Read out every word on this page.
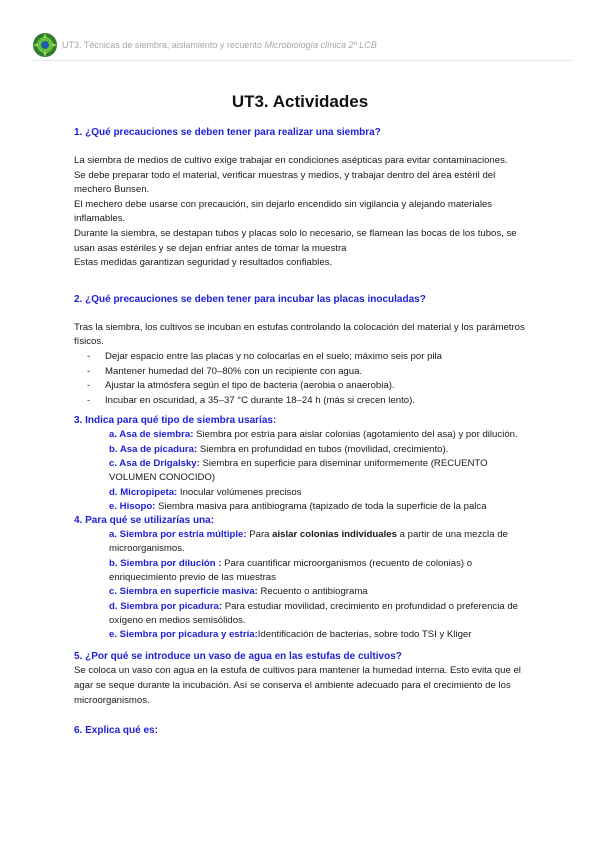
UT3. Técnicas de siembra, aislamiento y recuento Microbiología clínica 2º LCB
UT3. Actividades
1. ¿Qué precauciones se deben tener para realizar una siembra?
La siembra de medios de cultivo exige trabajar en condiciones asépticas para evitar contaminaciones.
Se debe preparar todo el material, verificar muestras y medios, y trabajar dentro del área estéril del mechero Bunsen.
El mechero debe usarse con precaución, sin dejarlo encendido sin vigilancia y alejando materiales inflamables.
Durante la siembra, se destapan tubos y placas solo lo necesario, se flamean las bocas de los tubos, se usan asas estériles y se dejan enfriar antes de tomar la muestra
Estas medidas garantizan seguridad y resultados confiables.
2. ¿Qué precauciones se deben tener para incubar las placas inoculadas?
Tras la siembra, los cultivos se incuban en estufas controlando la colocación del material y los parámetros físicos.
- Dejar espacio entre las placas y no colocarlas en el suelo; máximo seis por pila
- Mantener humedad del 70–80% con un recipiente con agua.
- Ajustar la atmósfera según el tipo de bacteria (aerobia o anaerobia).
- Incubar en oscuridad, a 35–37 °C durante 18–24 h (más si crecen lento).
3. Indica para qué tipo de siembra usarías:
a. Asa de siembra: Siembra por estría para aislar colonias (agotamiento del asa) y por dilución.
b. Asa de picadura: Siembra en profundidad en tubos (movilidad, crecimiento).
c. Asa de Drigalsky: Siembra en superficie para diseminar uniformemente (RECUENTO VOLUMEN CONOCIDO)
d. Micropipeta: Inocular volúmenes precisos
e. Hisopo: Siembra masiva para antibiograma (tapizado de toda la superficie de la palca
4. Para qué se utilizarías una:
a. Siembra por estría múltiple: Para aislar colonias individuales a partir de una mezcla de microorganismos.
b. Siembra por dilución : Para cuantificar microorganismos (recuento de colonias) o enriquecimiento previo de las muestras
c. Siembra en superficie masiva: Recuento o antibiograma
d. Siembra por picadura: Para estudiar movilidad, crecimiento en profundidad o preferencia de oxígeno en medios semisólidos.
e. Siembra por picadura y estría:Identificación de bacterias, sobre todo TSI y Kliger
5. ¿Por qué se introduce un vaso de agua en las estufas de cultivos?
Se coloca un vaso con agua en la estufa de cultivos para mantener la humedad interna. Esto evita que el agar se seque durante la incubación. Así se conserva el ambiente adecuado para el crecimiento de los microorganismos.
6. Explica qué es:
